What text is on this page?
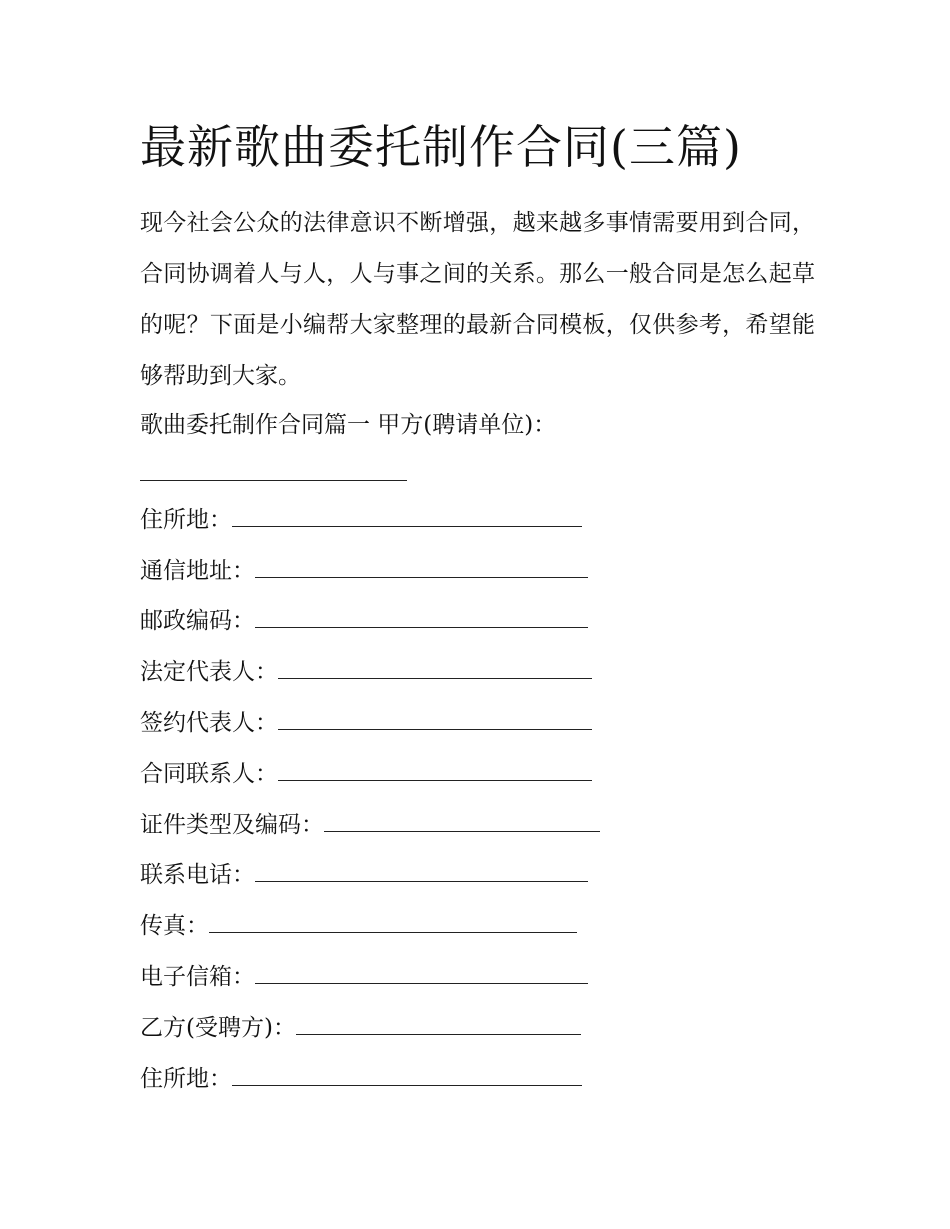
最新歌曲委托制作合同(三篇)

现今社会公众的法律意识不断增强，越来越多事情需要用到合同，合同协调着人与人，人与事之间的关系。那么一般合同是怎么起草的呢？下面是小编帮大家整理的最新合同模板，仅供参考，希望能够帮助到大家。

歌曲委托制作合同篇一 甲方(聘请单位)：

住所地：

通信地址：

邮政编码：

法定代表人：

签约代表人：

合同联系人：

证件类型及编码：

联系电话：

传真：

电子信箱：

乙方(受聘方)：

住所地：
